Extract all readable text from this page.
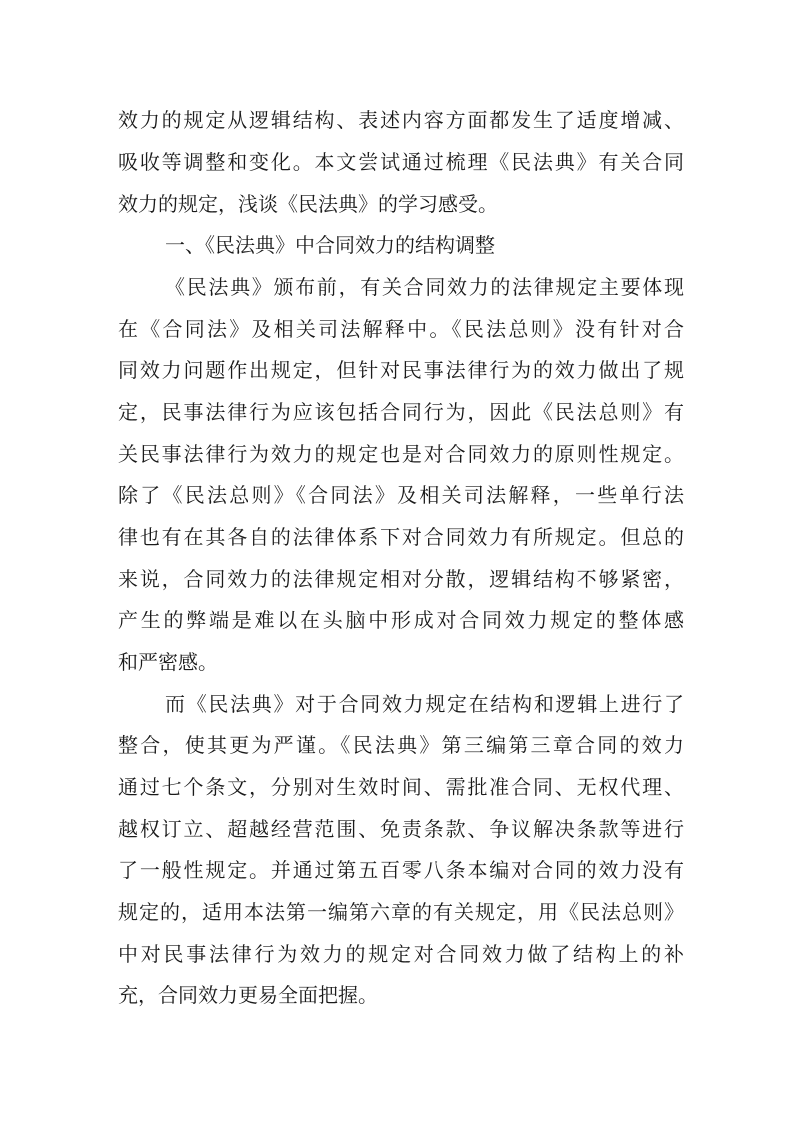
效力的规定从逻辑结构、表述内容方面都发生了适度增减、
吸收等调整和变化。本文尝试通过梳理《民法典》有关合同
效力的规定，浅谈《民法典》的学习感受。
一、《民法典》中合同效力的结构调整
《民法典》颁布前，有关合同效力的法律规定主要体现
在《合同法》及相关司法解释中。《民法总则》没有针对合
同效力问题作出规定，但针对民事法律行为的效力做出了规
定，民事法律行为应该包括合同行为，因此《民法总则》有
关民事法律行为效力的规定也是对合同效力的原则性规定。
除了《民法总则》《合同法》及相关司法解释，一些单行法
律也有在其各自的法律体系下对合同效力有所规定。但总的
来说，合同效力的法律规定相对分散，逻辑结构不够紧密，
产生的弊端是难以在头脑中形成对合同效力规定的整体感
和严密感。
而《民法典》对于合同效力规定在结构和逻辑上进行了
整合，使其更为严谨。《民法典》第三编第三章合同的效力
通过七个条文，分别对生效时间、需批准合同、无权代理、
越权订立、超越经营范围、免责条款、争议解决条款等进行
了一般性规定。并通过第五百零八条本编对合同的效力没有
规定的，适用本法第一编第六章的有关规定，用《民法总则》
中对民事法律行为效力的规定对合同效力做了结构上的补
充，合同效力更易全面把握。
